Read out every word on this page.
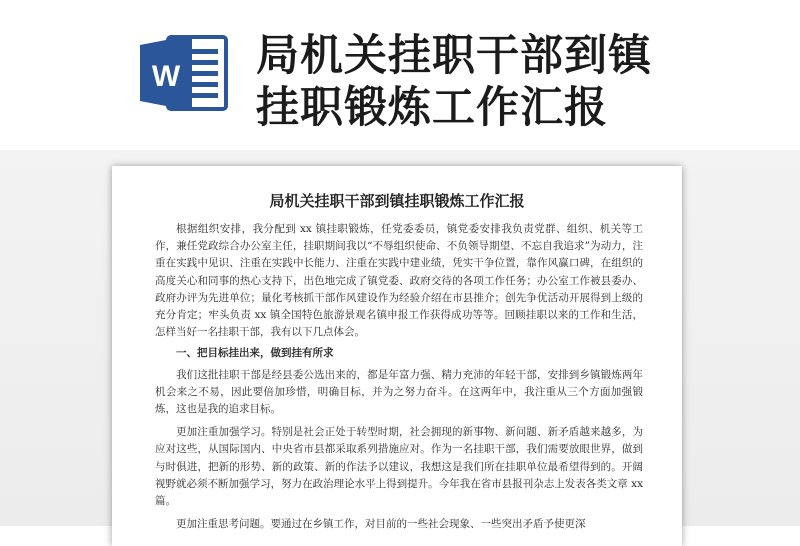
W 局机关挂职干部到镇
挂职锻炼工作汇报
局机关挂职干部到镇挂职锻炼工作汇报

根据组织安排，我分配到 xx 镇挂职锻炼，任党委委员，镇党委安排我负责党群、组织、机关等工作，兼任党政综合办公室主任，挂职期间我以“不辱组织使命、不负领导期望、不忘自我追求”为动力，注重在实践中见识、注重在实践中长能力、注重在实践中建业绩，凭实干争位置，靠作风赢口碑，在组织的高度关心和同事的热心支持下，出色地完成了镇党委、政府交待的各项工作任务；办公室工作被县委办、政府办评为先进单位；量化考核抓干部作风建设作为经验介绍在市县推介；创先争优活动开展得到上级的充分肯定；牢头负责 xx 镇全国特色旅游景观名镇申报工作获得成功等等。回顾挂职以来的工作和生活，怎样当好一名挂职干部，我有以下几点体会。

一、把目标挂出来，做到挂有所求

我们这批挂职干部是经县委公选出来的，都是年富力强、精力充沛的年轻干部，安排到乡镇锻炼两年机会来之不易，因此要倍加珍惜，明确目标，并为之努力奋斗。在这两年中，我注重从三个方面加强锻炼，这也是我的追求目标。

更加注重加强学习。特别是社会正处于转型时期，社会拥现的新事物、新问题、新矛盾越来越多，为应对这些，从国际国内、中央省市县都采取系列措施应对。作为一名挂职干部，我们需要放眼世界，做到与时俱进，把新的形势、新的政策、新的作法予以建议，我想这是我们所在挂职单位最希望得到的。开阔视野就必须不断加强学习，努力在政治理论水平上得到提升。今年我在省市县报刊杂志上发表各类文章 xx 篇。

更加注重思考问题。要通过在乡镇工作，对目前的一些社会现象、一些突出矛盾予使更深
